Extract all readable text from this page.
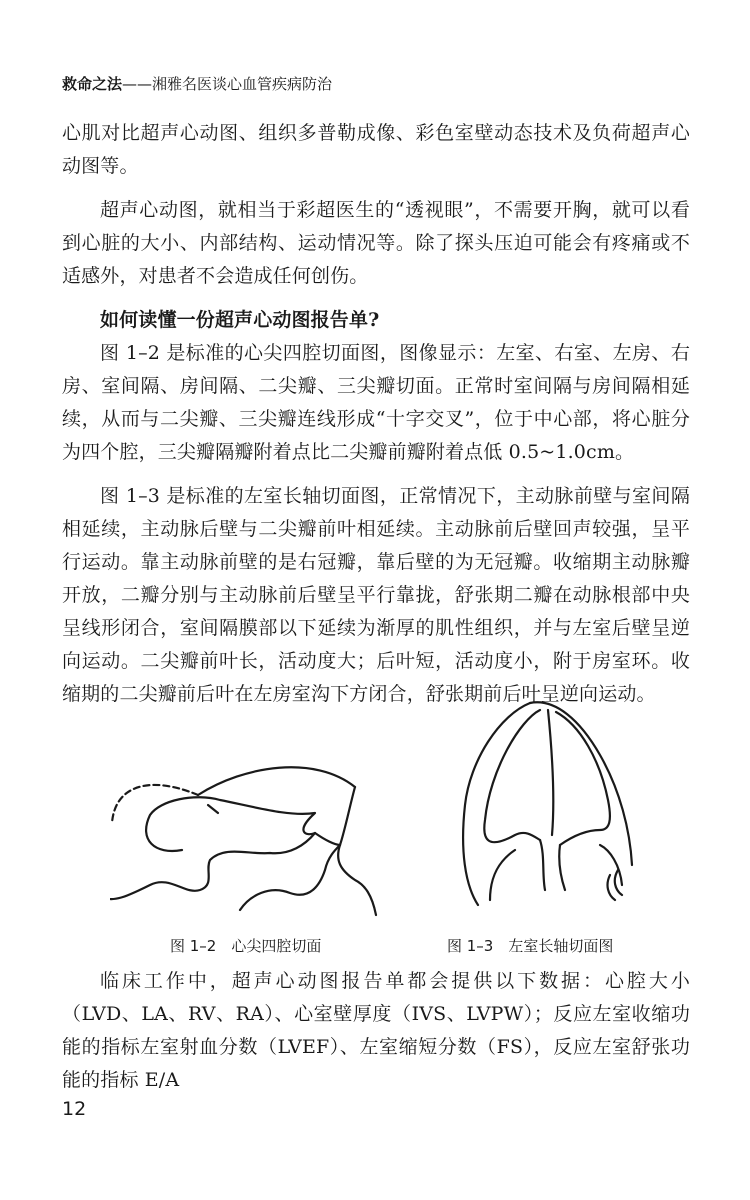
救命之法——湘雅名医谈心血管疾病防治

心肌对比超声心动图、组织多普勒成像、彩色室壁动态技术及负荷超声心动图等。

超声心动图，就相当于彩超医生的“透视眼”，不需要开胸，就可以看到心脏的大小、内部结构、运动情况等。除了探头压迫可能会有疼痛或不适感外，对患者不会造成任何创伤。

如何读懂一份超声心动图报告单?

图 1–2 是标准的心尖四腔切面图，图像显示：左室、右室、左房、右房、室间隔、房间隔、二尖瓣、三尖瓣切面。正常时室间隔与房间隔相延续，从而与二尖瓣、三尖瓣连线形成“十字交叉”，位于中心部，将心脏分为四个腔，三尖瓣隔瓣附着点比二尖瓣前瓣附着点低 0.5~1.0cm。

图 1–3 是标准的左室长轴切面图，正常情况下，主动脉前壁与室间隔相延续，主动脉后壁与二尖瓣前叶相延续。主动脉前后壁回声较强，呈平行运动。靠主动脉前壁的是右冠瓣，靠后壁的为无冠瓣。收缩期主动脉瓣开放，二瓣分别与主动脉前后壁呈平行靠拢，舒张期二瓣在动脉根部中央呈线形闭合，室间隔膜部以下延续为渐厚的肌性组织，并与左室后壁呈逆向运动。二尖瓣前叶长，活动度大；后叶短，活动度小，附于房室环。收缩期的二尖瓣前后叶在左房室沟下方闭合，舒张期前后叶呈逆向运动。

图 1–2　心尖四腔切面	图 1–3　左室长轴切面图

临床工作中，超声心动图报告单都会提供以下数据：心腔大小（LVD、LA、RV、RA）、心室壁厚度（IVS、LVPW）；反应左室收缩功能的指标左室射血分数（LVEF）、左室缩短分数（FS），反应左室舒张功能的指标 E/A

12
